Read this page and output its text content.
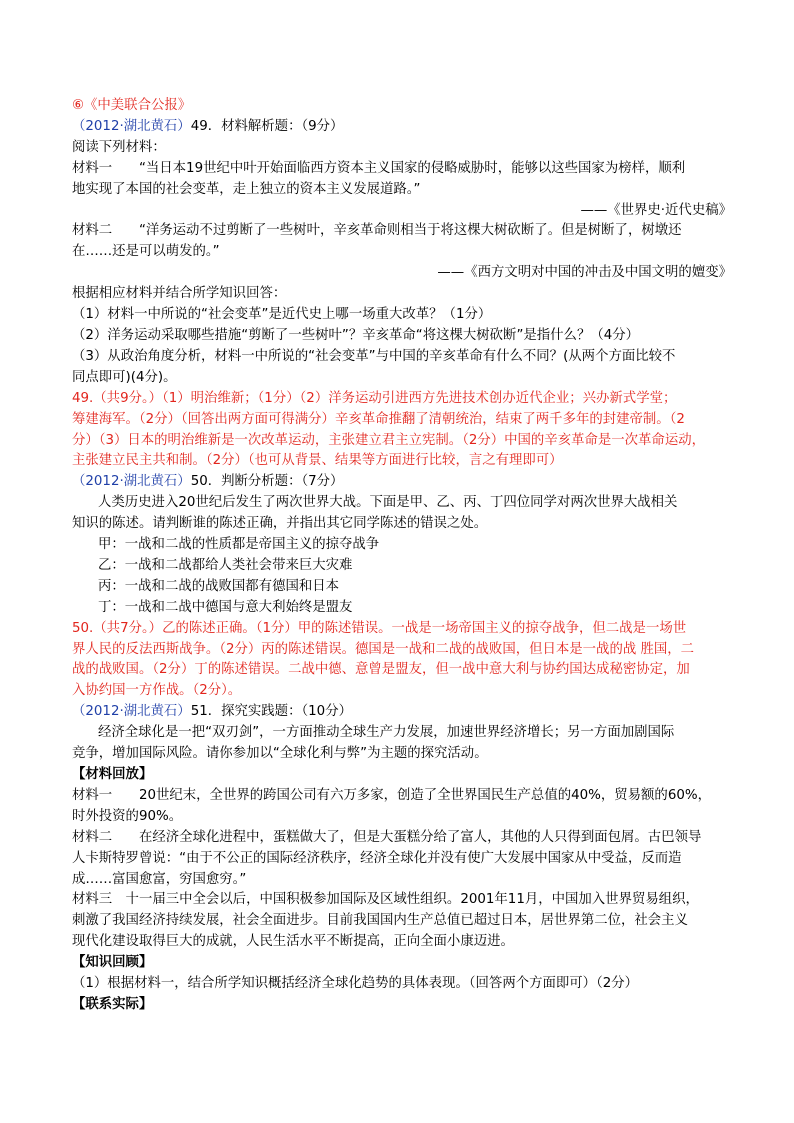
⑥《中美联合公报》
（2012·湖北黄石）49．材料解析题：（9分）
阅读下列材料：
材料一　　“当日本19世纪中叶开始面临西方资本主义国家的侵略威胁时，能够以这些国家为榜样，顺利
地实现了本国的社会变革，走上独立的资本主义发展道路。”
——《世界史·近代史稿》
材料二　　“洋务运动不过剪断了一些树叶，辛亥革命则相当于将这棵大树砍断了。但是树断了，树墩还
在……还是可以萌发的。”
——《西方文明对中国的冲击及中国文明的嬗变》
根据相应材料并结合所学知识回答：
（1）材料一中所说的“社会变革”是近代史上哪一场重大改革？（1分）
（2）洋务运动采取哪些措施“剪断了一些树叶”？辛亥革命“将这棵大树砍断”是指什么？（4分）
（3）从政治角度分析，材料一中所说的“社会变革”与中国的辛亥革命有什么不同？(从两个方面比较不
同点即可)(4分)。
49.（共9分。）（1）明治维新；（1分）（2）洋务运动引进西方先进技术创办近代企业；兴办新式学堂；
筹建海军。（2分）（回答出两方面可得满分）辛亥革命推翻了清朝统治，结束了两千多年的封建帝制。（2
分）（3）日本的明治维新是一次改革运动，主张建立君主立宪制。（2分）中国的辛亥革命是一次革命运动，
主张建立民主共和制。（2分）（也可从背景、结果等方面进行比较，言之有理即可）
（2012·湖北黄石）50．判断分析题：（7分）
人类历史进入20世纪后发生了两次世界大战。下面是甲、乙、丙、丁四位同学对两次世界大战相关
知识的陈述。请判断谁的陈述正确，并指出其它同学陈述的错误之处。
甲：一战和二战的性质都是帝国主义的掠夺战争
乙：一战和二战都给人类社会带来巨大灾难
丙：一战和二战的战败国都有德国和日本
丁：一战和二战中德国与意大利始终是盟友
50.（共7分。）乙的陈述正确。（1分）甲的陈述错误。一战是一场帝国主义的掠夺战争，但二战是一场世
界人民的反法西斯战争。（2分）丙的陈述错误。德国是一战和二战的战败国，但日本是一战的战 胜国，二
战的战败国。（2分）丁的陈述错误。二战中德、意曾是盟友，但一战中意大利与协约国达成秘密协定，加
入协约国一方作战。（2分）。
（2012·湖北黄石）51．探究实践题：（10分）
经济全球化是一把“双刃剑”，一方面推动全球生产力发展，加速世界经济增长；另一方面加剧国际
竞争，增加国际风险。请你参加以“全球化利与弊”为主题的探究活动。
【材料回放】
材料一　　20世纪末，全世界的跨国公司有六万多家，创造了全世界国民生产总值的40%，贸易额的60%，
时外投资的90%。
材料二　　在经济全球化进程中，蛋糕做大了，但是大蛋糕分给了富人，其他的人只得到面包屑。古巴领导
人卡斯特罗曾说：“由于不公正的国际经济秩序，经济全球化并没有使广大发展中国家从中受益，反而造
成……富国愈富，穷国愈穷。”
材料三　十一届三中全会以后，中国积极参加国际及区域性组织。2001年11月，中国加入世界贸易组织，
刺激了我国经济持续发展，社会全面进步。目前我国国内生产总值已超过日本，居世界第二位，社会主义
现代化建设取得巨大的成就，人民生活水平不断提高，正向全面小康迈进。
【知识回顾】
（1）根据材料一，结合所学知识概括经济全球化趋势的具体表现。（回答两个方面即可）（2分）
【联系实际】
